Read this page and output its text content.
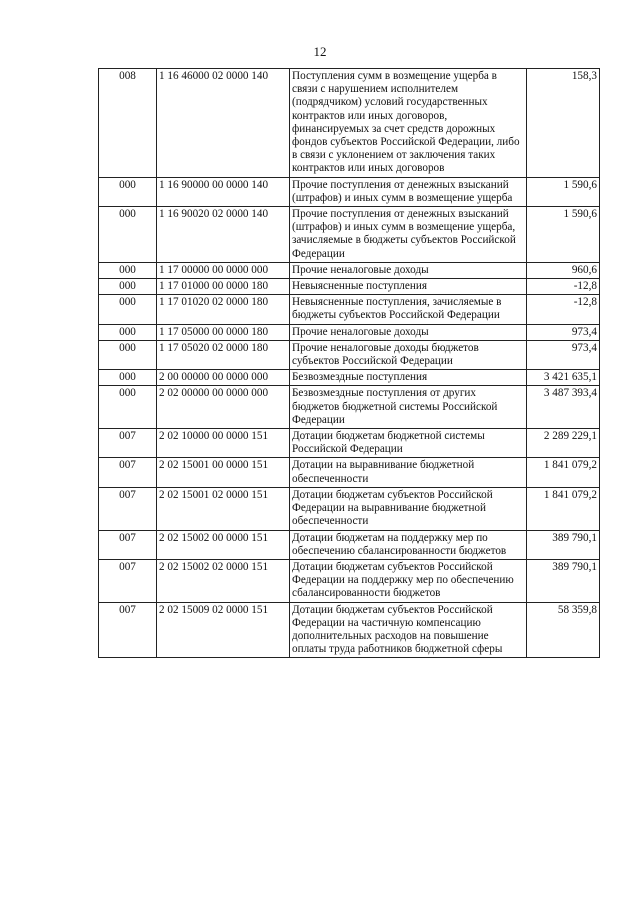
12
008	1 16 46000 02 0000 140	Поступления сумм в возмещение ущерба в связи с нарушением исполнителем (подрядчиком) условий государственных контрактов или иных договоров, финансируемых за счет средств дорожных фондов субъектов Российской Федерации, либо в связи с уклонением от заключения таких контрактов или иных договоров	158,3
000	1 16 90000 00 0000 140	Прочие поступления от денежных взысканий (штрафов) и иных сумм в возмещение ущерба	1 590,6
000	1 16 90020 02 0000 140	Прочие поступления от денежных взысканий (штрафов) и иных сумм в возмещение ущерба, зачисляемые в бюджеты субъектов Российской Федерации	1 590,6
000	1 17 00000 00 0000 000	Прочие неналоговые доходы	960,6
000	1 17 01000 00 0000 180	Невыясненные поступления	-12,8
000	1 17 01020 02 0000 180	Невыясненные поступления, зачисляемые в бюджеты субъектов Российской Федерации	-12,8
000	1 17 05000 00 0000 180	Прочие неналоговые доходы	973,4
000	1 17 05020 02 0000 180	Прочие неналоговые доходы бюджетов субъектов Российской Федерации	973,4
000	2 00 00000 00 0000 000	Безвозмездные поступления	3 421 635,1
000	2 02 00000 00 0000 000	Безвозмездные поступления от других бюджетов бюджетной системы Российской Федерации	3 487 393,4
007	2 02 10000 00 0000 151	Дотации бюджетам бюджетной системы Российской Федерации	2 289 229,1
007	2 02 15001 00 0000 151	Дотации на выравнивание бюджетной обеспеченности	1 841 079,2
007	2 02 15001 02 0000 151	Дотации бюджетам субъектов Российской Федерации на выравнивание бюджетной обеспеченности	1 841 079,2
007	2 02 15002 00 0000 151	Дотации бюджетам на поддержку мер по обеспечению сбалансированности бюджетов	389 790,1
007	2 02 15002 02 0000 151	Дотации бюджетам субъектов Российской Федерации на поддержку мер по обеспечению сбалансированности бюджетов	389 790,1
007	2 02 15009 02 0000 151	Дотации бюджетам субъектов Российской Федерации на частичную компенсацию дополнительных расходов на повышение оплаты труда работников бюджетной сферы	58 359,8
